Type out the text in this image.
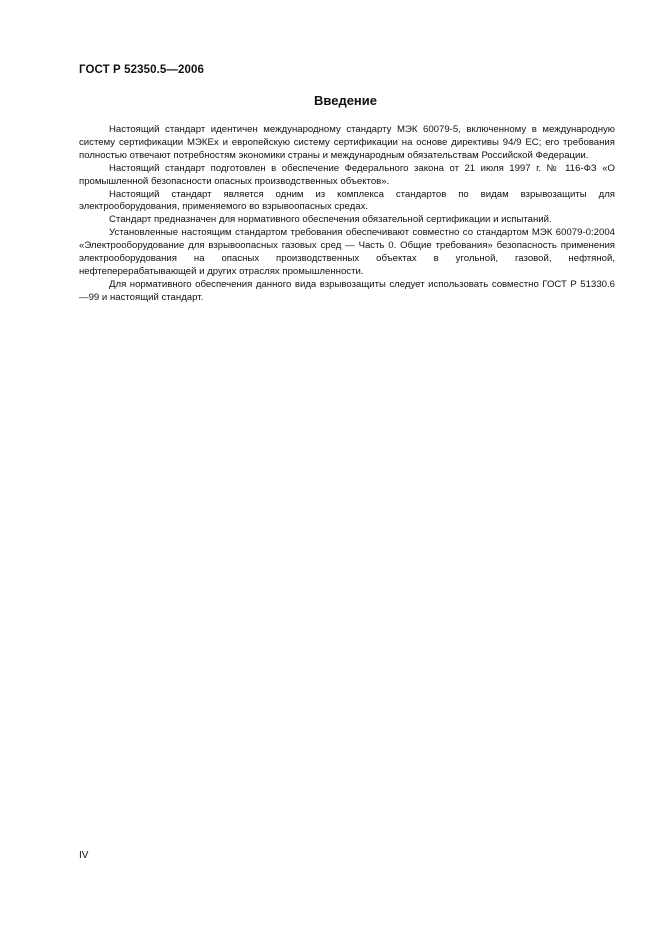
ГОСТ Р 52350.5—2006
Введение

Настоящий стандарт идентичен международному стандарту МЭК 60079-5, включенному в международную систему сертификации МЭКЕх и европейскую систему сертификации на основе директивы 94/9 ЕС; его требования полностью отвечают потребностям экономики страны и международным обязательствам Российской Федерации.

Настоящий стандарт подготовлен в обеспечение Федерального закона от 21 июля 1997 г. № 116-ФЗ «О промышленной безопасности опасных производственных объектов».

Настоящий стандарт является одним из комплекса стандартов по видам взрывозащиты для электрооборудования, применяемого во взрывоопасных средах.

Стандарт предназначен для нормативного обеспечения обязательной сертификации и испытаний.

Установленные настоящим стандартом требования обеспечивают совместно со стандартом МЭК 60079-0:2004 «Электрооборудование для взрывоопасных газовых сред — Часть 0. Общие требования» безопасность применения электрооборудования на опасных производственных объектах в угольной, газовой, нефтяной, нефтеперерабатывающей и других отраслях промышленности.

Для нормативного обеспечения данного вида взрывозащиты следует использовать совместно ГОСТ Р 51330.6—99 и настоящий стандарт.

IV
